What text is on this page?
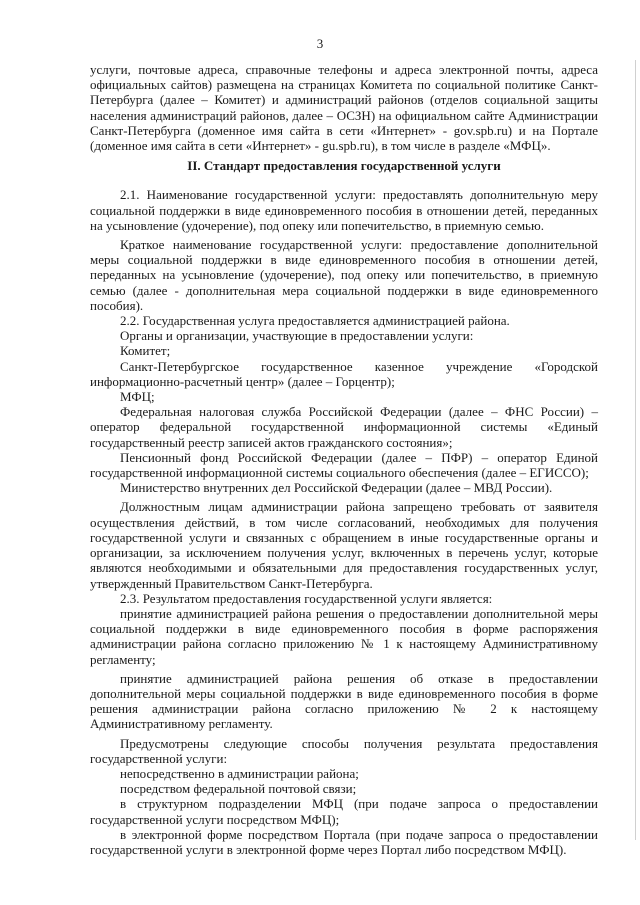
3

услуги, почтовые адреса, справочные телефоны и адреса электронной почты, адреса официальных сайтов) размещена на страницах Комитета по социальной политике Санкт-Петербурга (далее – Комитет) и администраций районов (отделов социальной защиты населения администраций районов, далее – ОСЗН) на официальном сайте Администрации Санкт-Петербурга (доменное имя сайта в сети «Интернет» - gov.spb.ru) и на Портале (доменное имя сайта в сети «Интернет» - gu.spb.ru), в том числе в разделе «МФЦ».

II. Стандарт предоставления государственной услуги

2.1. Наименование государственной услуги: предоставлять дополнительную меру социальной поддержки в виде единовременного пособия в отношении детей, переданных на усыновление (удочерение), под опеку или попечительство, в приемную семью.

Краткое наименование государственной услуги: предоставление дополнительной меры социальной поддержки в виде единовременного пособия в отношении детей, переданных на усыновление (удочерение), под опеку или попечительство, в приемную семью (далее - дополнительная мера социальной поддержки в виде единовременного пособия).

2.2. Государственная услуга предоставляется администрацией района.

Органы и организации, участвующие в предоставлении услуги:

Комитет;

Санкт-Петербургское государственное казенное учреждение «Городской информационно-расчетный центр» (далее – Горцентр);

МФЦ;

Федеральная налоговая служба Российской Федерации (далее – ФНС России) – оператор федеральной государственной информационной системы «Единый государственный реестр записей актов гражданского состояния»;

Пенсионный фонд Российской Федерации (далее – ПФР) – оператор Единой государственной информационной системы социального обеспечения (далее – ЕГИССО);

Министерство внутренних дел Российской Федерации (далее – МВД России).

Должностным лицам администрации района запрещено требовать от заявителя осуществления действий, в том числе согласований, необходимых для получения государственной услуги и связанных с обращением в иные государственные органы и организации, за исключением получения услуг, включенных в перечень услуг, которые являются необходимыми и обязательными для предоставления государственных услуг, утвержденный Правительством Санкт-Петербурга.

2.3. Результатом предоставления государственной услуги является:

принятие администрацией района решения о предоставлении дополнительной меры социальной поддержки в виде единовременного пособия в форме распоряжения администрации района согласно приложению № 1 к настоящему Административному регламенту;

принятие администрацией района решения об отказе в предоставлении дополнительной меры социальной поддержки в виде единовременного пособия в форме решения администрации района согласно приложению № 2 к настоящему Административному регламенту.

Предусмотрены следующие способы получения результата предоставления государственной услуги:

непосредственно в администрации района;

посредством федеральной почтовой связи;

в структурном подразделении МФЦ (при подаче запроса о предоставлении государственной услуги посредством МФЦ);

в электронной форме посредством Портала (при подаче запроса о предоставлении государственной услуги в электронной форме через Портал либо посредством МФЦ).
